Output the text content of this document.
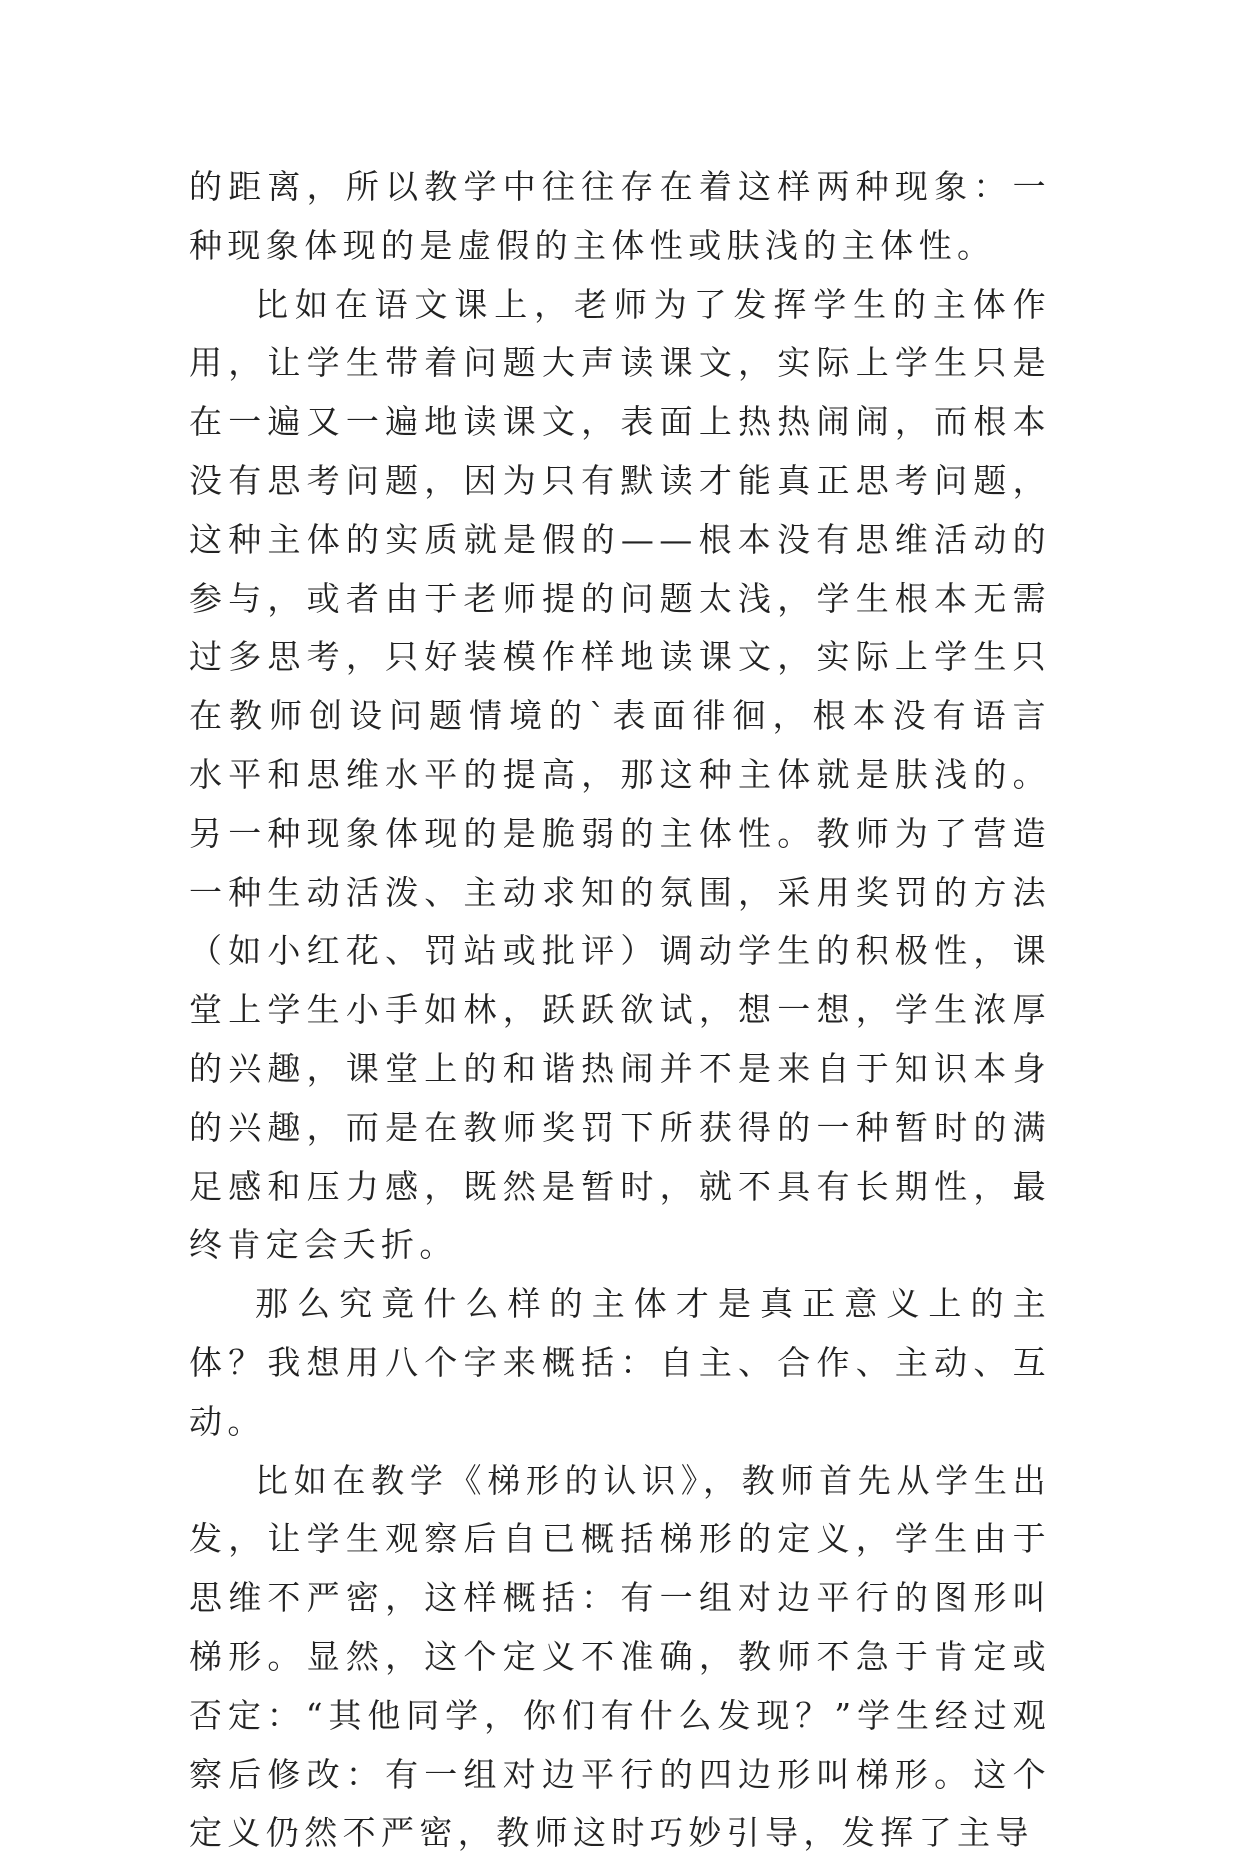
的距离，所以教学中往往存在着这样两种现象：一种现象体现的是虚假的主体性或肤浅的主体性。

比如在语文课上，老师为了发挥学生的主体作用，让学生带着问题大声读课文，实际上学生只是在一遍又一遍地读课文，表面上热热闹闹，而根本没有思考问题，因为只有默读才能真正思考问题，这种主体的实质就是假的——根本没有思维活动的参与，或者由于老师提的问题太浅，学生根本无需过多思考，只好装模作样地读课文，实际上学生只在教师创设问题情境的`表面徘徊，根本没有语言水平和思维水平的提高，那这种主体就是肤浅的。另一种现象体现的是脆弱的主体性。教师为了营造一种生动活泼、主动求知的氛围，采用奖罚的方法（如小红花、罚站或批评）调动学生的积极性，课堂上学生小手如林，跃跃欲试，想一想，学生浓厚的兴趣，课堂上的和谐热闹并不是来自于知识本身的兴趣，而是在教师奖罚下所获得的一种暂时的满足感和压力感，既然是暂时，就不具有长期性，最终肯定会夭折。

那么究竟什么样的主体才是真正意义上的主体？我想用八个字来概括：自主、合作、主动、互动。

比如在教学《梯形的认识》，教师首先从学生出发，让学生观察后自已概括梯形的定义，学生由于思维不严密，这样概括：有一组对边平行的图形叫梯形。显然，这个定义不准确，教师不急于肯定或否定：“其他同学，你们有什么发现？”学生经过观察后修改：有一组对边平行的四边形叫梯形。这个定义仍然不严密，教师这时巧妙引导，发挥了主导
